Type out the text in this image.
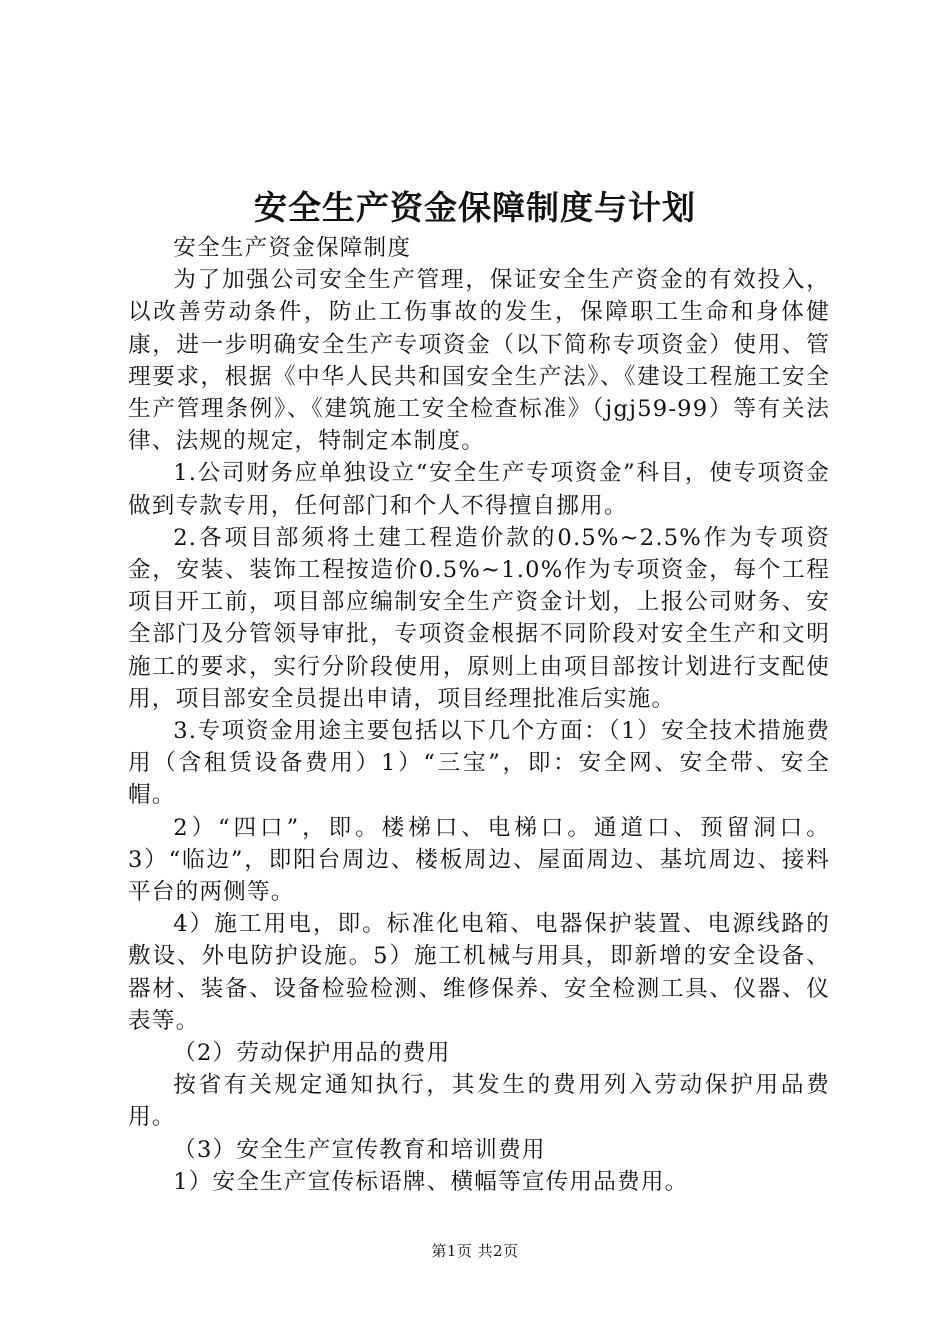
安全生产资金保障制度与计划

安全生产资金保障制度

为了加强公司安全生产管理，保证安全生产资金的有效投入，以改善劳动条件，防止工伤事故的发生，保障职工生命和身体健康，进一步明确安全生产专项资金（以下简称专项资金）使用、管理要求，根据《中华人民共和国安全生产法》、《建设工程施工安全生产管理条例》、《建筑施工安全检查标准》（jgj59-99）等有关法律、法规的规定，特制定本制度。

1.公司财务应单独设立“安全生产专项资金”科目，使专项资金做到专款专用，任何部门和个人不得擅自挪用。

2.各项目部须将土建工程造价款的0.5%~2.5%作为专项资金，安装、装饰工程按造价0.5%~1.0%作为专项资金，每个工程项目开工前，项目部应编制安全生产资金计划，上报公司财务、安全部门及分管领导审批，专项资金根据不同阶段对安全生产和文明施工的要求，实行分阶段使用，原则上由项目部按计划进行支配使用，项目部安全员提出申请，项目经理批准后实施。

3.专项资金用途主要包括以下几个方面：（1）安全技术措施费用（含租赁设备费用）1）“三宝”，即：安全网、安全带、安全帽。

2）“四口”，即。楼梯口、电梯口。通道口、预留洞口。3）“临边”，即阳台周边、楼板周边、屋面周边、基坑周边、接料平台的两侧等。

4）施工用电，即。标准化电箱、电器保护装置、电源线路的敷设、外电防护设施。5）施工机械与用具，即新增的安全设备、器材、装备、设备检验检测、维修保养、安全检测工具、仪器、仪表等。

（2）劳动保护用品的费用

按省有关规定通知执行，其发生的费用列入劳动保护用品费用。

（3）安全生产宣传教育和培训费用

1）安全生产宣传标语牌、横幅等宣传用品费用。

第1页 共2页
